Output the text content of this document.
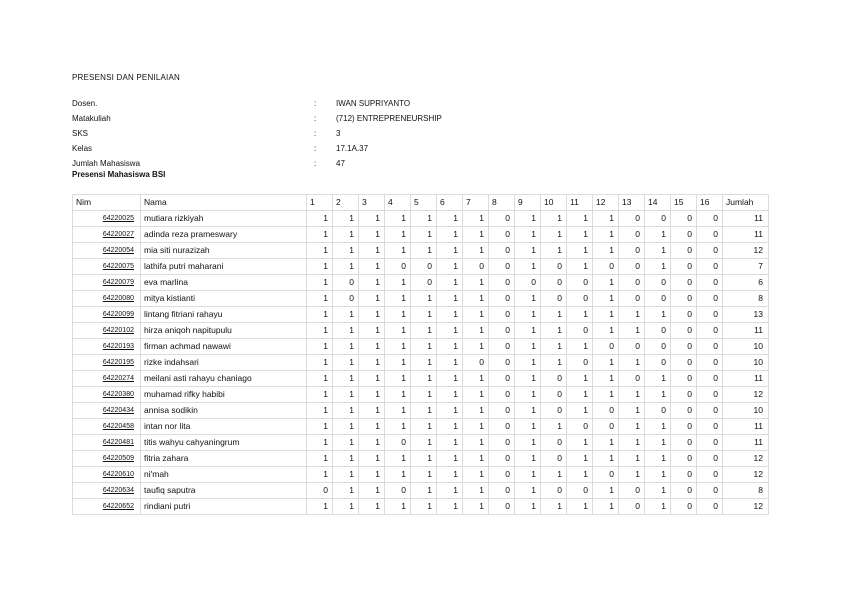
PRESENSI DAN PENILAIAN
Dosen.	:	IWAN SUPRIYANTO
Matakuliah	:	(712) ENTREPRENEURSHIP
SKS	:	3
Kelas	:	17.1A.37
Jumlah Mahasiswa	:	47
Presensi Mahasiswa BSI
Nim	Nama	1	2	3	4	5	6	7	8	9	10	11	12	13	14	15	16	Jumlah
64220025	mutiara rizkiyah	1	1	1	1	1	1	1	0	1	1	1	1	0	0	0	0	11
64220027	adinda reza prameswary	1	1	1	1	1	1	1	0	1	1	1	1	0	1	0	0	11
64220054	mia siti nurazizah	1	1	1	1	1	1	1	0	1	1	1	1	0	1	0	0	12
64220075	lathifa putri maharani	1	1	1	0	0	1	0	0	1	0	1	0	0	1	0	0	7
64220079	eva marlina	1	0	1	1	0	1	1	0	0	0	0	1	0	0	0	0	6
64220080	mitya kistianti	1	0	1	1	1	1	1	0	1	0	0	1	0	0	0	0	8
64220099	lintang fitriani rahayu	1	1	1	1	1	1	1	0	1	1	1	1	1	1	0	0	13
64220102	hirza aniqoh napitupulu	1	1	1	1	1	1	1	0	1	1	0	1	1	0	0	0	11
64220193	firman achmad nawawi	1	1	1	1	1	1	1	0	1	1	1	0	0	0	0	0	10
64220195	rizke indahsari	1	1	1	1	1	1	0	0	1	1	0	1	1	0	0	0	10
64220274	meilani asti rahayu chaniago	1	1	1	1	1	1	1	0	1	0	1	1	0	1	0	0	11
64220380	muhamad rifky habibi	1	1	1	1	1	1	1	0	1	0	1	1	1	1	0	0	12
64220434	annisa sodikin	1	1	1	1	1	1	1	0	1	0	1	0	1	0	0	0	10
64220458	intan nor lita	1	1	1	1	1	1	1	0	1	1	0	0	1	1	0	0	11
64220481	titis wahyu cahyaningrum	1	1	1	0	1	1	1	0	1	0	1	1	1	1	0	0	11
64220509	fitria zahara	1	1	1	1	1	1	1	0	1	0	1	1	1	1	0	0	12
64220610	ni'mah	1	1	1	1	1	1	1	0	1	1	1	0	1	1	0	0	12
64220634	taufiq saputra	0	1	1	0	1	1	1	0	1	0	0	1	0	1	0	0	8
64220652	rindiani putri	1	1	1	1	1	1	1	0	1	1	1	1	0	1	0	0	12
